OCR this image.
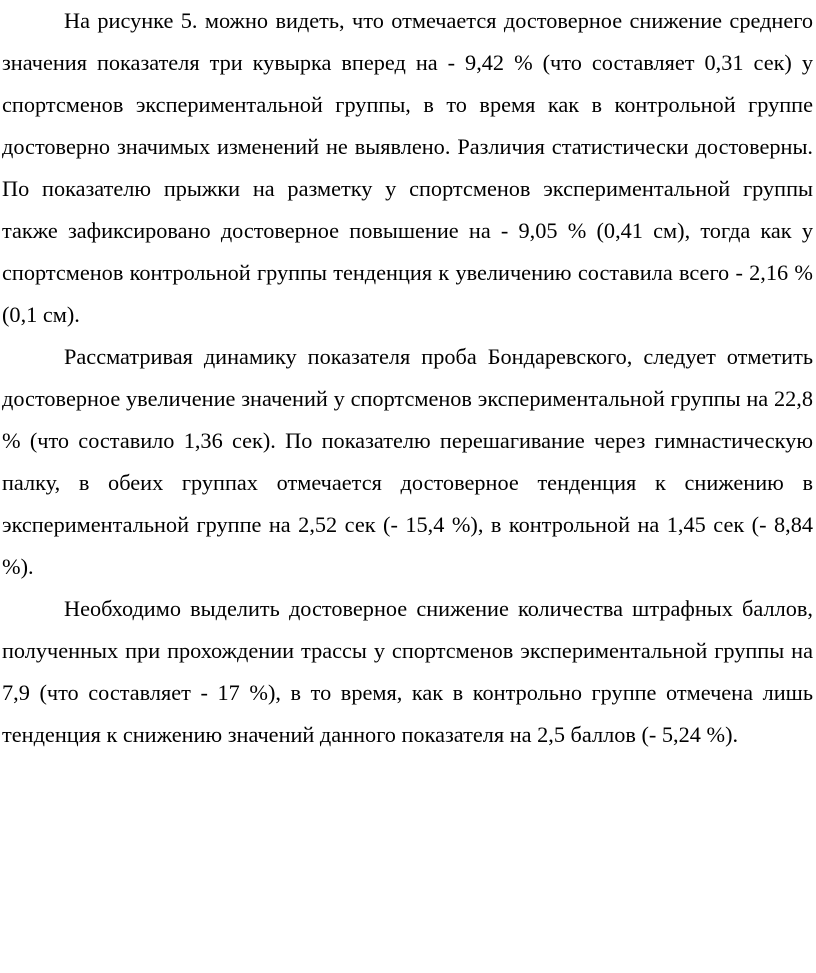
На рисунке 5. можно видеть, что отмечается достоверное снижение среднего значения показателя три кувырка вперед на - 9,42 % (что составляет 0,31 сек) у спортсменов экспериментальной группы, в то время как в контрольной группе достоверно значимых изменений не выявлено. Различия статистически достоверны. По показателю прыжки на разметку у спортсменов экспериментальной группы также зафиксировано достоверное повышение на - 9,05 % (0,41 см), тогда как у спортсменов контрольной группы тенденция к увеличению составила всего - 2,16 % (0,1 см).

Рассматривая динамику показателя проба Бондаревского, следует отметить достоверное увеличение значений у спортсменов экспериментальной группы на 22,8 % (что составило 1,36 сек). По показателю перешагивание через гимнастическую палку, в обеих группах отмечается достоверное тенденция к снижению в экспериментальной группе на 2,52 сек (- 15,4 %), в контрольной на 1,45 сек (- 8,84 %).

Необходимо выделить достоверное снижение количества штрафных баллов, полученных при прохождении трассы у спортсменов экспериментальной группы на 7,9 (что составляет - 17 %), в то время, как в контрольно группе отмечена лишь тенденция к снижению значений данного показателя на 2,5 баллов (- 5,24 %).
